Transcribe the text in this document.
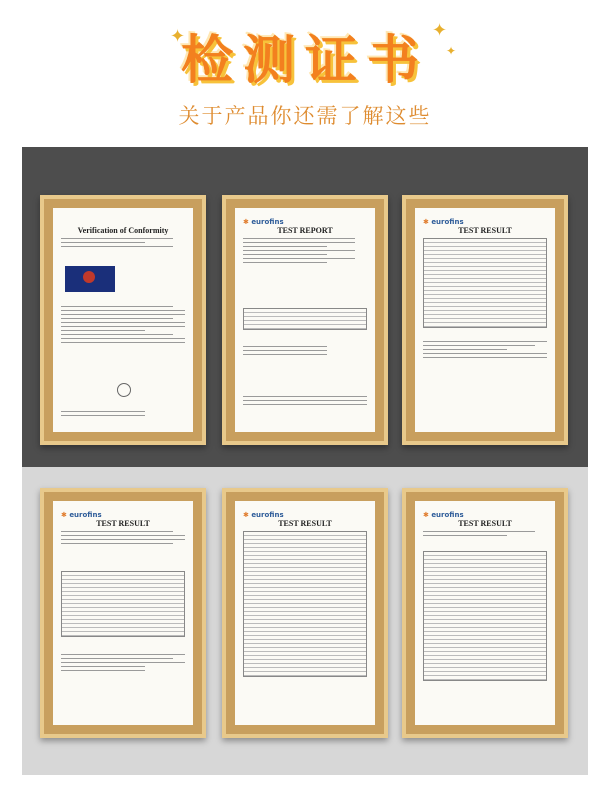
✦	✦
✦
检测证书
关于产品你还需了解这些
Verification of Conformity
✱ eurofins
TEST REPORT
✱ eurofins
TEST RESULT
✱ eurofins
TEST RESULT
✱ eurofins
TEST RESULT
✱ eurofins
TEST RESULT
